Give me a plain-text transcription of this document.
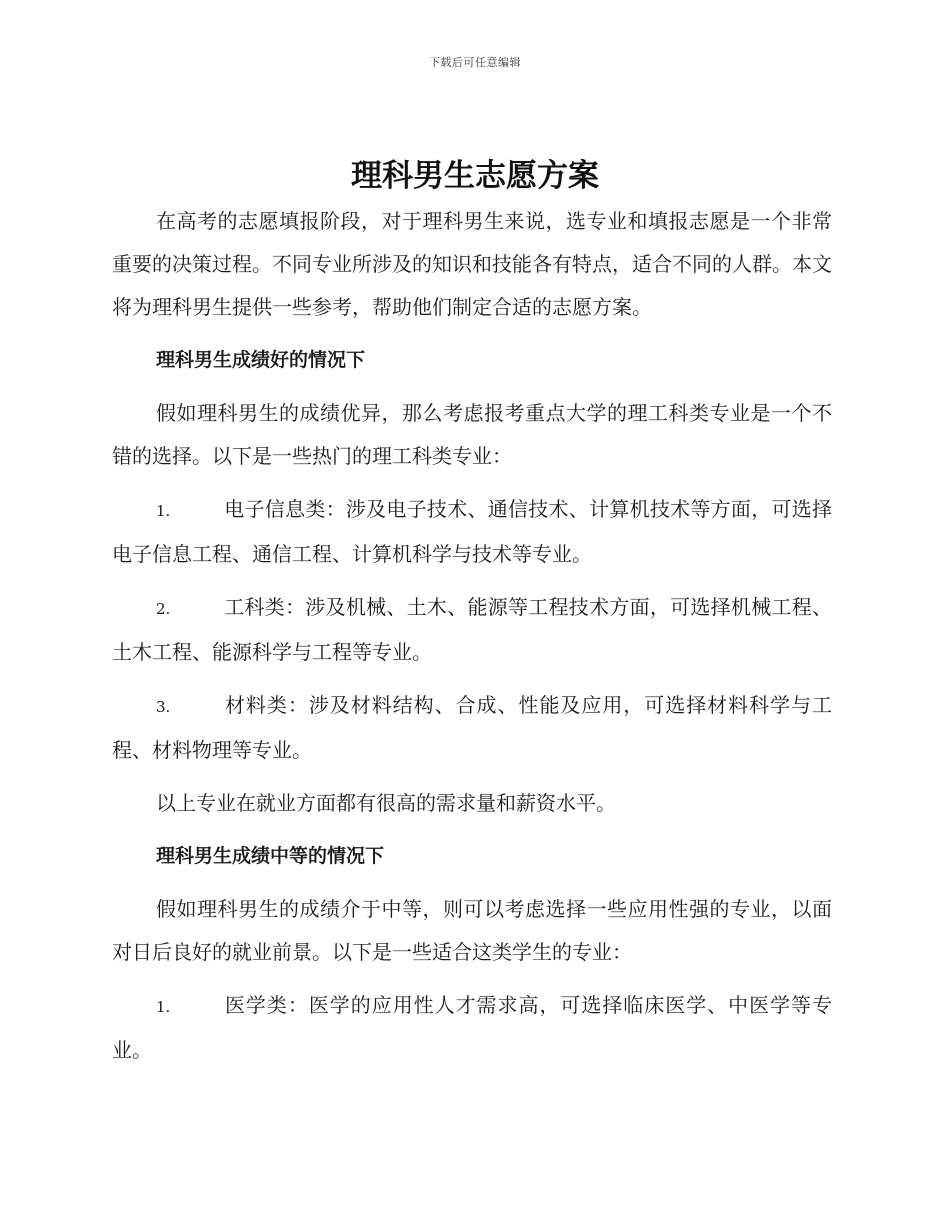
下载后可任意编辑
理科男生志愿方案

在高考的志愿填报阶段，对于理科男生来说，选专业和填报志愿是一个非常重要的决策过程。不同专业所涉及的知识和技能各有特点，适合不同的人群。本文将为理科男生提供一些参考，帮助他们制定合适的志愿方案。

理科男生成绩好的情况下

假如理科男生的成绩优异，那么考虑报考重点大学的理工科类专业是一个不错的选择。以下是一些热门的理工科类专业：

1.	电子信息类：涉及电子技术、通信技术、计算机技术等方面，可选择电子信息工程、通信工程、计算机科学与技术等专业。

2.	工科类：涉及机械、土木、能源等工程技术方面，可选择机械工程、土木工程、能源科学与工程等专业。

3.	材料类：涉及材料结构、合成、性能及应用，可选择材料科学与工程、材料物理等专业。

以上专业在就业方面都有很高的需求量和薪资水平。

理科男生成绩中等的情况下

假如理科男生的成绩介于中等，则可以考虑选择一些应用性强的专业，以面对日后良好的就业前景。以下是一些适合这类学生的专业：

1.	医学类：医学的应用性人才需求高，可选择临床医学、中医学等专业。
